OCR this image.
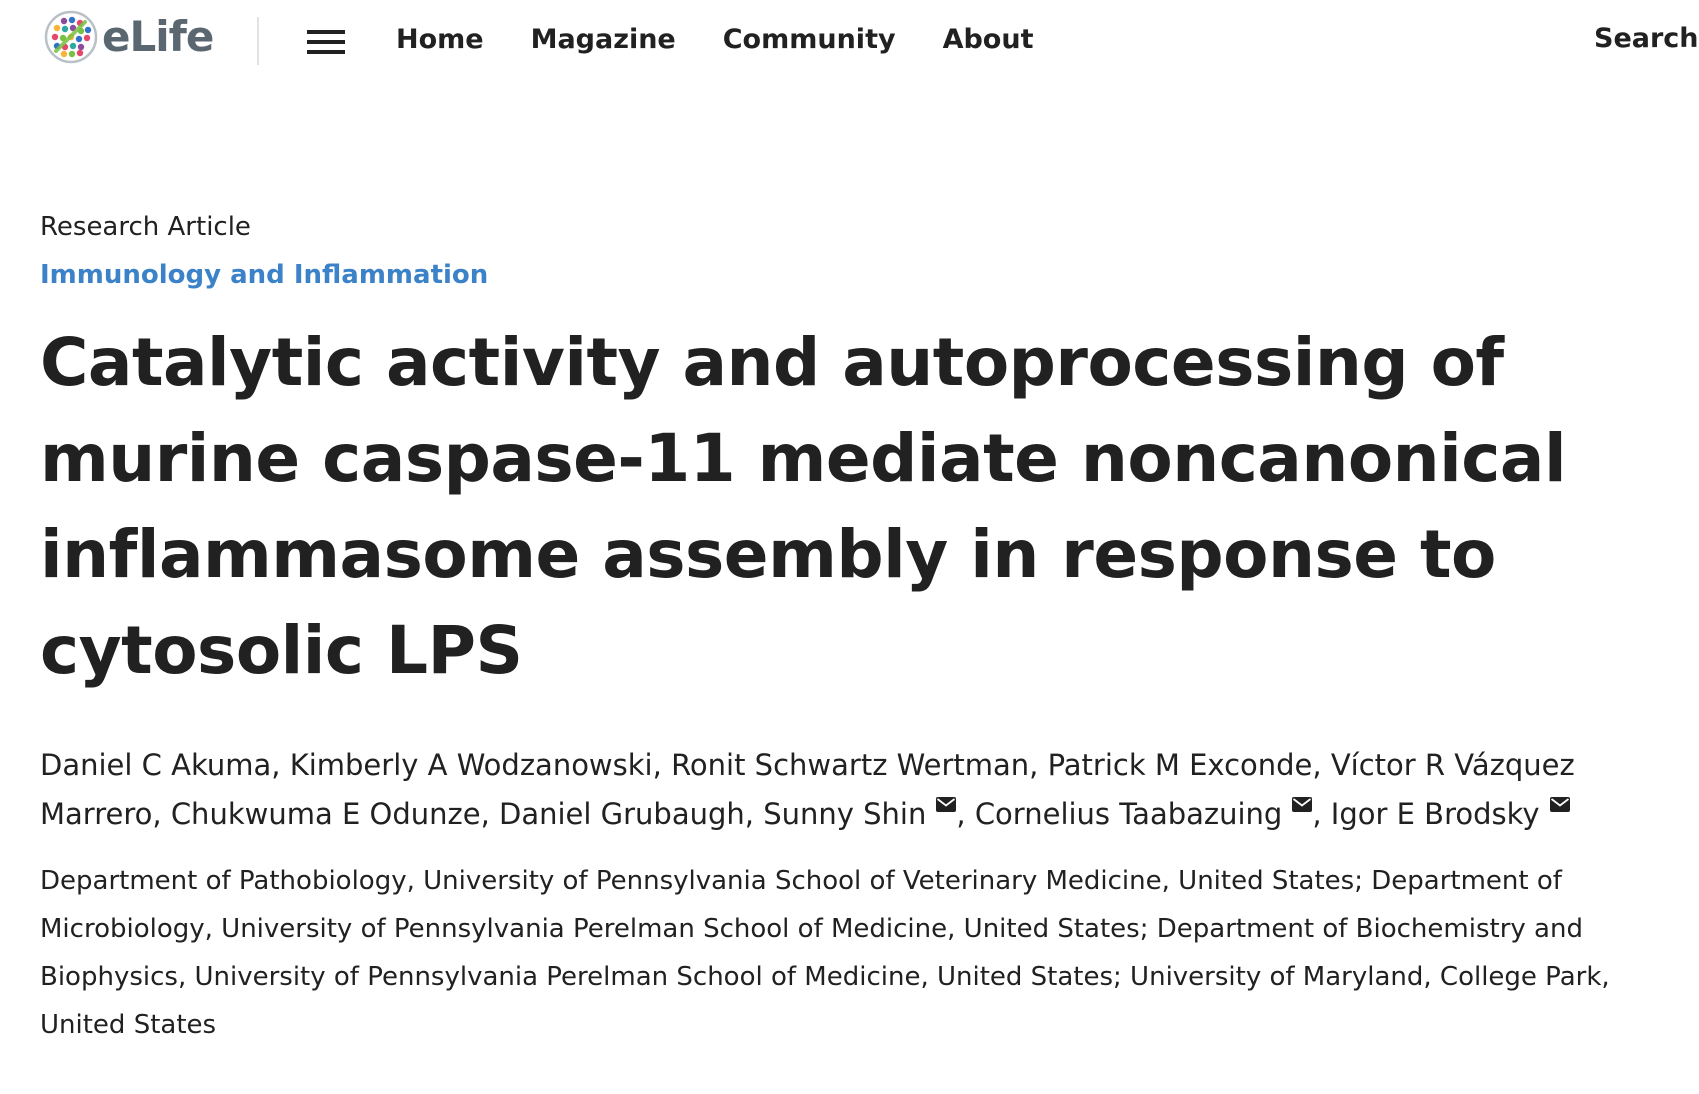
eLife	Home Magazine Community About	Search

Research Article

Immunology and Inflammation
Catalytic activity and autoprocessing of murine caspase-11 mediate noncanonical inflammasome assembly in response to cytosolic LPS
Daniel C Akuma, Kimberly A Wodzanowski, Ronit Schwartz Wertman, Patrick M Exconde, Víctor R Vázquez Marrero, Chukwuma E Odunze, Daniel Grubaugh, Sunny Shin , Cornelius Taabazuing , Igor E Brodsky

Department of Pathobiology, University of Pennsylvania School of Veterinary Medicine, United States; Department of Microbiology, University of Pennsylvania Perelman School of Medicine, United States; Department of Biochemistry and Biophysics, University of Pennsylvania Perelman School of Medicine, United States; University of Maryland, College Park, United States
